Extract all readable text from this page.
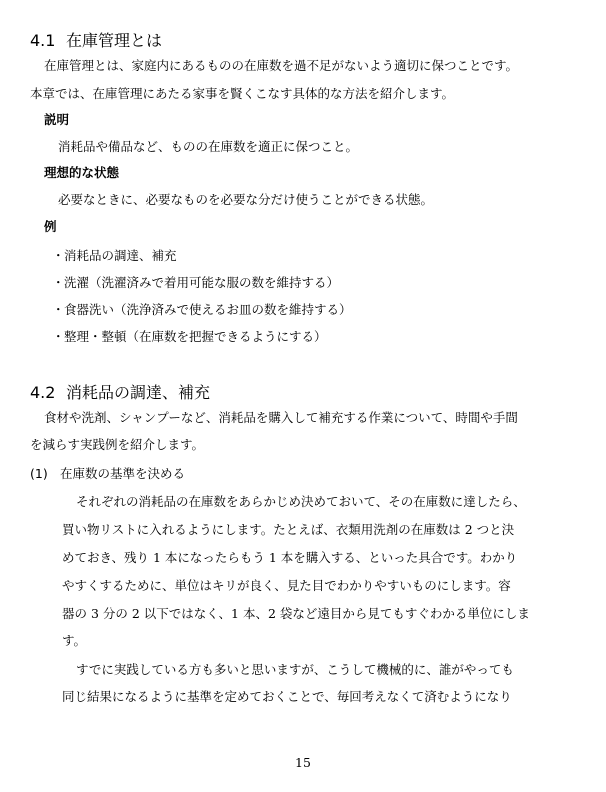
4.1 在庫管理とは
在庫管理とは、家庭内にあるものの在庫数を過不足がないよう適切に保つことです。
本章では、在庫管理にあたる家事を賢くこなす具体的な方法を紹介します。
説明
消耗品や備品など、ものの在庫数を適正に保つこと。
理想的な状態
必要なときに、必要なものを必要な分だけ使うことができる状態。
例
・消耗品の調達、補充
・洗濯（洗濯済みで着用可能な服の数を維持する）
・食器洗い（洗浄済みで使えるお皿の数を維持する）
・整理・整頓（在庫数を把握できるようにする）
4.2 消耗品の調達、補充
食材や洗剤、シャンプーなど、消耗品を購入して補充する作業について、時間や手間
を減らす実践例を紹介します。
(1) 在庫数の基準を決める
それぞれの消耗品の在庫数をあらかじめ決めておいて、その在庫数に達したら、
買い物リストに入れるようにします。たとえば、衣類用洗剤の在庫数は 2 つと決
めておき、残り 1 本になったらもう 1 本を購入する、といった具合です。わかり
やすくするために、単位はキリが良く、見た目でわかりやすいものにします。容
器の 3 分の 2 以下ではなく、1 本、2 袋など遠目から見てもすぐわかる単位にしま
す。
すでに実践している方も多いと思いますが、こうして機械的に、誰がやっても
同じ結果になるように基準を定めておくことで、毎回考えなくて済むようになり
15
